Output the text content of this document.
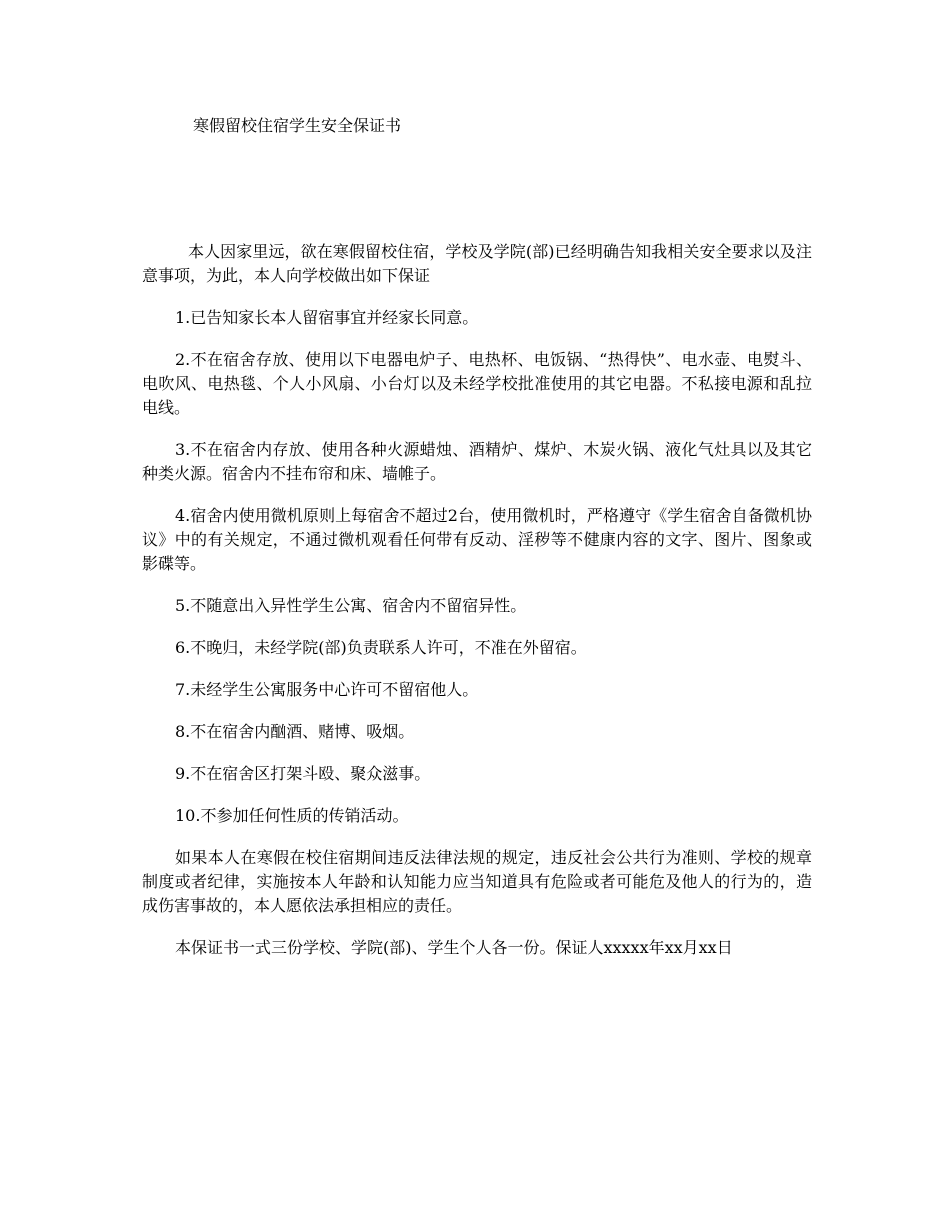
寒假留校住宿学生安全保证书

本人因家里远，欲在寒假留校住宿，学校及学院(部)已经明确告知我相关安全要求以及注意事项，为此，本人向学校做出如下保证

1.已告知家长本人留宿事宜并经家长同意。

2.不在宿舍存放、使用以下电器电炉子、电热杯、电饭锅、“热得快”、电水壶、电熨斗、电吹风、电热毯、个人小风扇、小台灯以及未经学校批准使用的其它电器。不私接电源和乱拉电线。

3.不在宿舍内存放、使用各种火源蜡烛、酒精炉、煤炉、木炭火锅、液化气灶具以及其它种类火源。宿舍内不挂布帘和床、墙帷子。

4.宿舍内使用微机原则上每宿舍不超过2台，使用微机时，严格遵守《学生宿舍自备微机协议》中的有关规定，不通过微机观看任何带有反动、淫秽等不健康内容的文字、图片、图象或影碟等。

5.不随意出入异性学生公寓、宿舍内不留宿异性。

6.不晚归，未经学院(部)负责联系人许可，不准在外留宿。

7.未经学生公寓服务中心许可不留宿他人。

8.不在宿舍内酗酒、赌博、吸烟。

9.不在宿舍区打架斗殴、聚众滋事。

10.不参加任何性质的传销活动。

如果本人在寒假在校住宿期间违反法律法规的规定，违反社会公共行为准则、学校的规章制度或者纪律，实施按本人年龄和认知能力应当知道具有危险或者可能危及他人的行为的，造成伤害事故的，本人愿依法承担相应的责任。

本保证书一式三份学校、学院(部)、学生个人各一份。保证人xxxxx年xx月xx日
